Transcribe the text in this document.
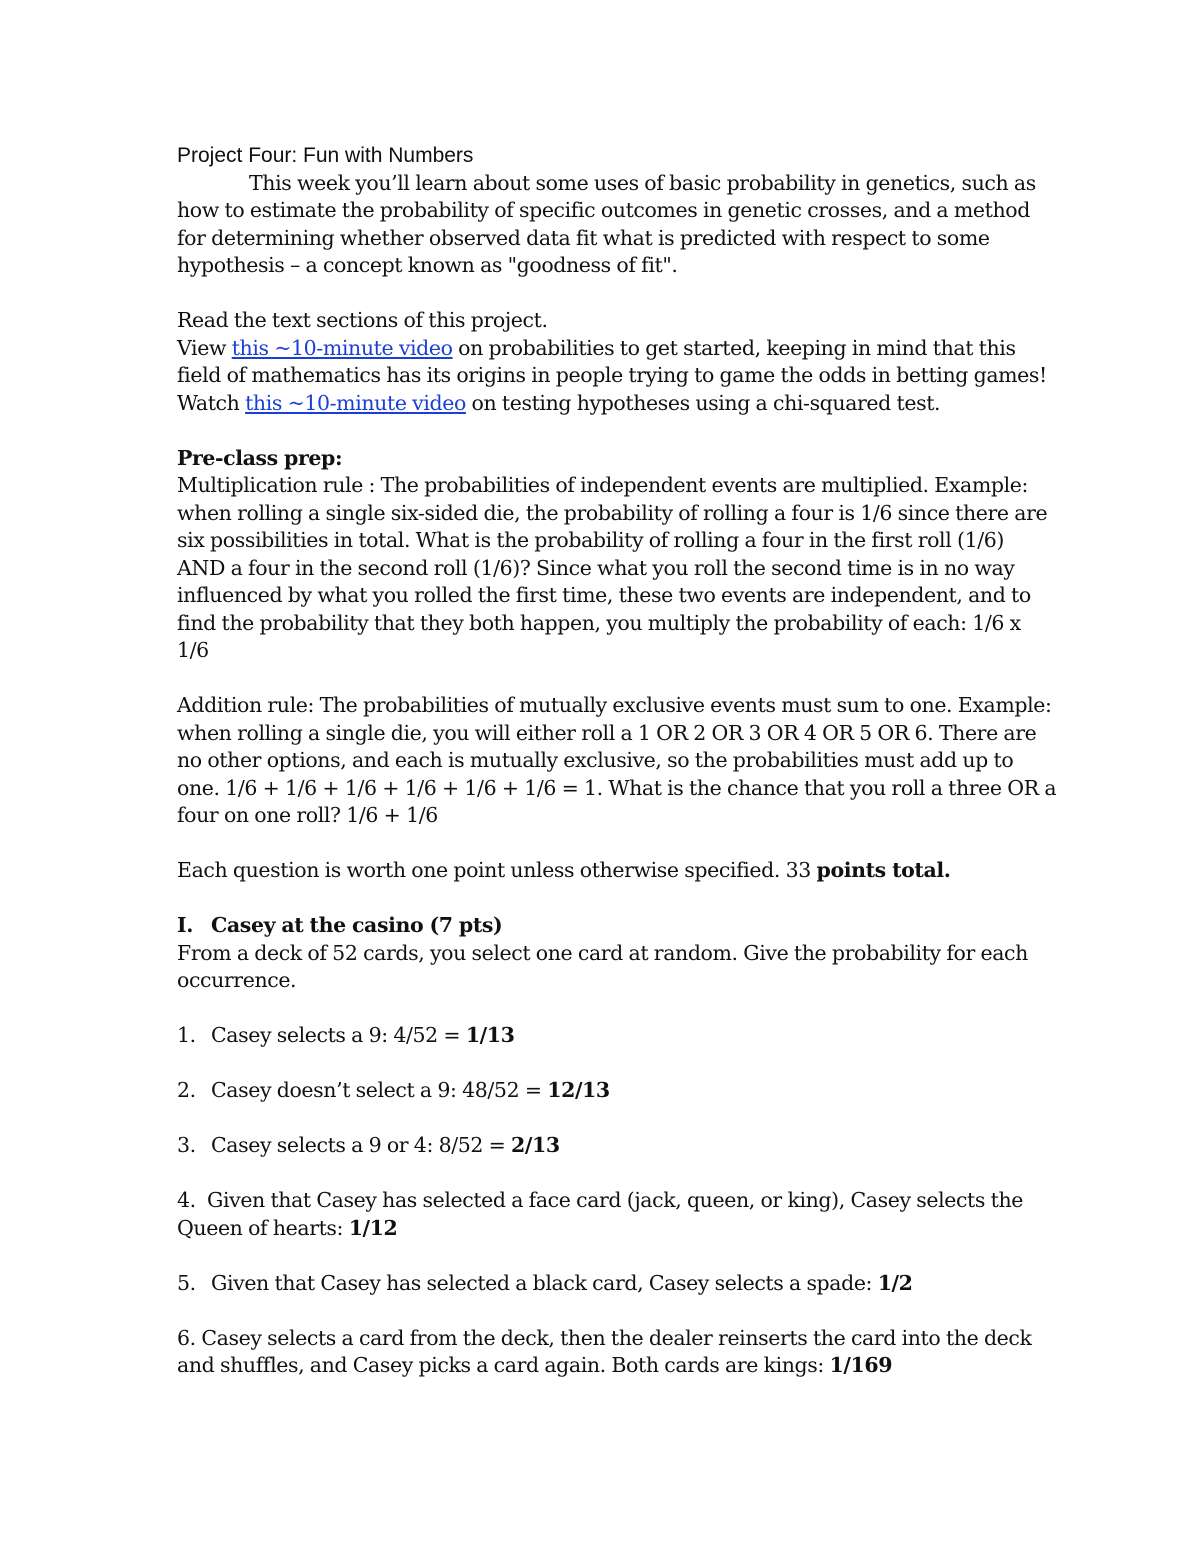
Project Four: Fun with Numbers

This week you’ll learn about some uses of basic probability in genetics, such as how to estimate the probability of specific outcomes in genetic crosses, and a method for determining whether observed data fit what is predicted with respect to some hypothesis – a concept known as "goodness of fit".

Read the text sections of this project.

View this ~10-minute video on probabilities to get started, keeping in mind that this field of mathematics has its origins in people trying to game the odds in betting games!

Watch this ~10-minute video on testing hypotheses using a chi-squared test.

Pre-class prep:

Multiplication rule : The probabilities of independent events are multiplied. Example: when rolling a single six-sided die, the probability of rolling a four is 1/6 since there are six possibilities in total. What is the probability of rolling a four in the first roll (1/6) AND a four in the second roll (1/6)? Since what you roll the second time is in no way influenced by what you rolled the first time, these two events are independent, and to find the probability that they both happen, you multiply the probability of each: 1/6 x 1/6

Addition rule: The probabilities of mutually exclusive events must sum to one. Example: when rolling a single die, you will either roll a 1 OR 2 OR 3 OR 4 OR 5 OR 6. There are no other options, and each is mutually exclusive, so the probabilities must add up to one. 1/6 + 1/6 + 1/6 + 1/6 + 1/6 + 1/6 = 1. What is the chance that you roll a three OR a four on one roll? 1/6 + 1/6

Each question is worth one point unless otherwise specified. 33 points total.

I. Casey at the casino (7 pts)

From a deck of 52 cards, you select one card at random. Give the probability for each occurrence.

1. Casey selects a 9: 4/52 = 1/13

2. Casey doesn’t select a 9: 48/52 = 12/13

3. Casey selects a 9 or 4: 8/52 = 2/13

4. Given that Casey has selected a face card (jack, queen, or king), Casey selects the Queen of hearts: 1/12

5. Given that Casey has selected a black card, Casey selects a spade: 1/2

6. Casey selects a card from the deck, then the dealer reinserts the card into the deck and shuffles, and Casey picks a card again. Both cards are kings: 1/169
